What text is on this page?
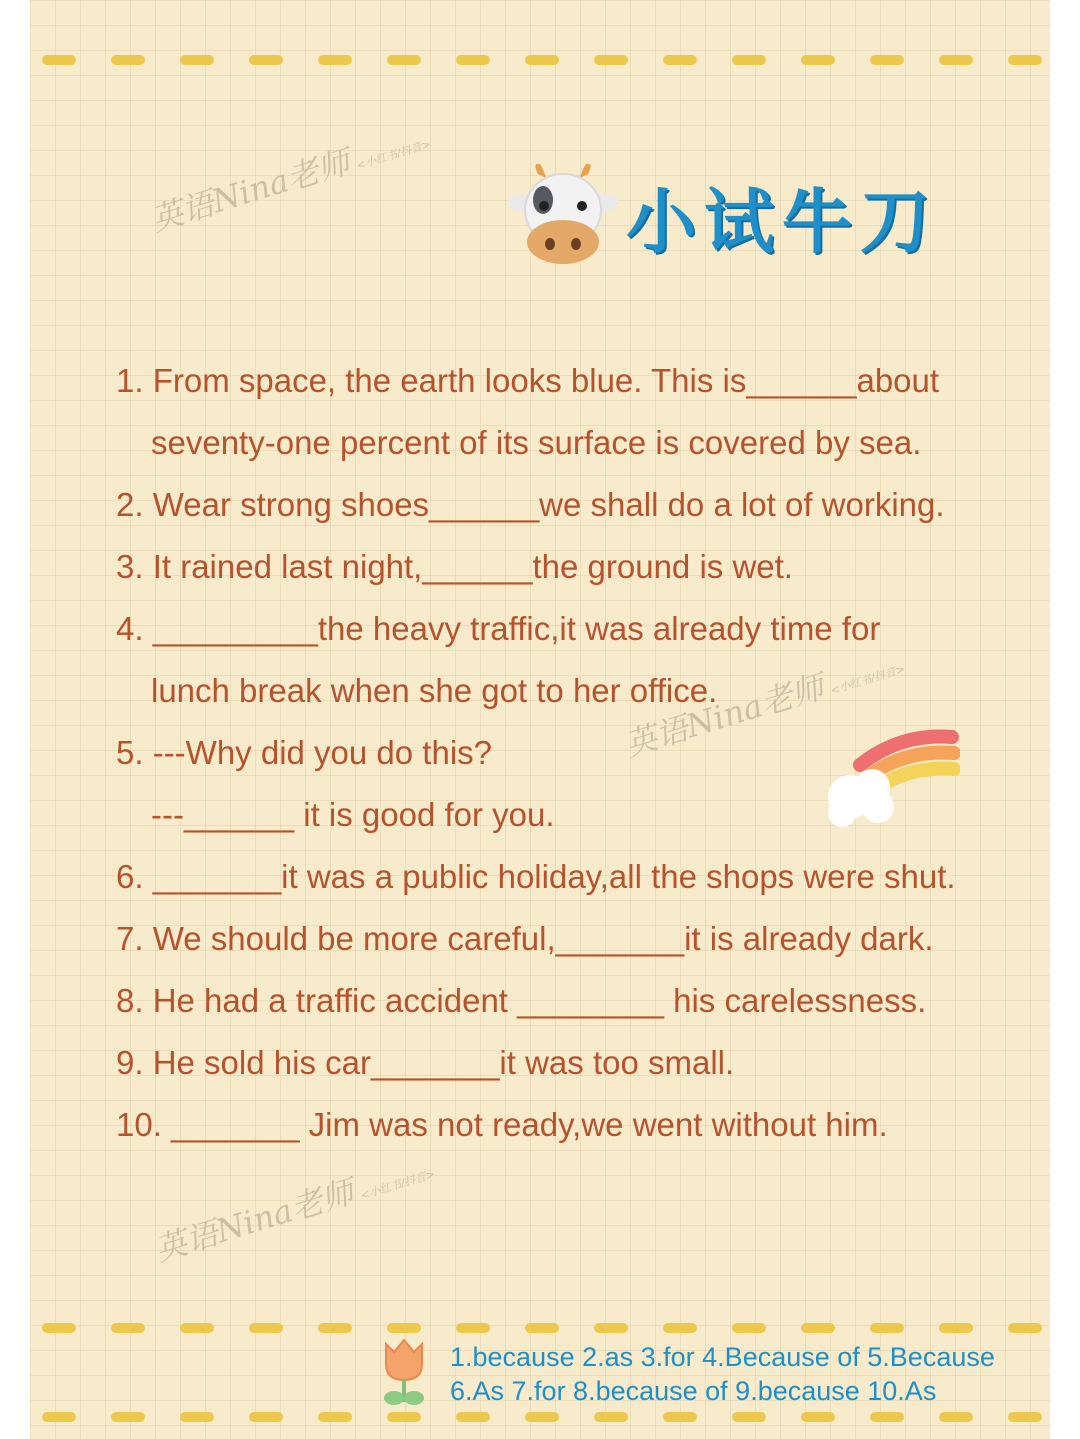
英语Nina老师<小红书/抖音>
小试牛刀
1. From space, the earth looks blue. This is______about
seventy-one percent of its surface is covered by sea.
2. Wear strong shoes______we shall do a lot of working.
3. It rained last night,______the ground is wet.
4. _________the heavy traffic,it was already time for
lunch break when she got to her office.
5. ---Why did you do this?
---______ it is good for you.
6. _______it was a public holiday,all the shops were shut.
7. We should be more careful,_______it is already dark.
8. He had a traffic accident ________ his carelessness.
9. He sold his car_______it was too small.
10. _______ Jim was not ready,we went without him.
英语Nina老师<小红书/抖音>
英语Nina老师<小红书/抖音>
1.because 2.as 3.for 4.Because of 5.Because
6.As 7.for 8.because of 9.because 10.As
